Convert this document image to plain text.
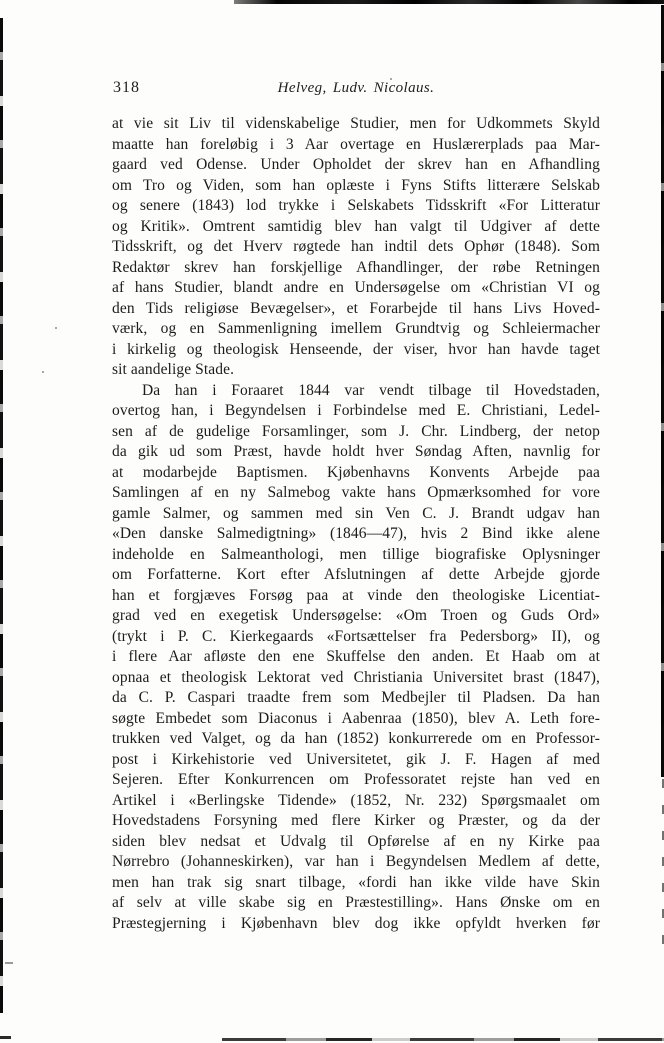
318	Helveg, Ludv. Nicolaus.
at vie sit Liv til videnskabelige Studier, men for Udkommets Skyld
maatte han foreløbig i 3 Aar overtage en Huslærerplads paa Mar-
gaard ved Odense. Under Opholdet der skrev han en Afhandling
om Tro og Viden, som han oplæste i Fyns Stifts litterære Selskab
og senere (1843) lod trykke i Selskabets Tidsskrift «For Litteratur
og Kritik». Omtrent samtidig blev han valgt til Udgiver af dette
Tidsskrift, og det Hverv røgtede han indtil dets Ophør (1848). Som
Redaktør skrev han forskjellige Afhandlinger, der røbe Retningen
af hans Studier, blandt andre en Undersøgelse om «Christian VI og
den Tids religiøse Bevægelser», et Forarbejde til hans Livs Hoved-
værk, og en Sammenligning imellem Grundtvig og Schleiermacher
i kirkelig og theologisk Henseende, der viser, hvor han havde taget
sit aandelige Stade.
Da han i Foraaret 1844 var vendt tilbage til Hovedstaden,
overtog han, i Begyndelsen i Forbindelse med E. Christiani, Ledel-
sen af de gudelige Forsamlinger, som J. Chr. Lindberg, der netop
da gik ud som Præst, havde holdt hver Søndag Aften, navnlig for
at modarbejde Baptismen. Kjøbenhavns Konvents Arbejde paa
Samlingen af en ny Salmebog vakte hans Opmærksomhed for vore
gamle Salmer, og sammen med sin Ven C. J. Brandt udgav han
«Den danske Salmedigtning» (1846—47), hvis 2 Bind ikke alene
indeholde en Salmeanthologi, men tillige biografiske Oplysninger
om Forfatterne. Kort efter Afslutningen af dette Arbejde gjorde
han et forgjæves Forsøg paa at vinde den theologiske Licentiat-
grad ved en exegetisk Undersøgelse: «Om Troen og Guds Ord»
(trykt i P. C. Kierkegaards «Fortsættelser fra Pedersborg» II), og
i flere Aar afløste den ene Skuffelse den anden. Et Haab om at
opnaa et theologisk Lektorat ved Christiania Universitet brast (1847),
da C. P. Caspari traadte frem som Medbejler til Pladsen. Da han
søgte Embedet som Diaconus i Aabenraa (1850), blev A. Leth fore-
trukken ved Valget, og da han (1852) konkurrerede om en Professor-
post i Kirkehistorie ved Universitetet, gik J. F. Hagen af med
Sejeren. Efter Konkurrencen om Professoratet rejste han ved en
Artikel i «Berlingske Tidende» (1852, Nr. 232) Spørgsmaalet om
Hovedstadens Forsyning med flere Kirker og Præster, og da der
siden blev nedsat et Udvalg til Opførelse af en ny Kirke paa
Nørrebro (Johanneskirken), var han i Begyndelsen Medlem af dette,
men han trak sig snart tilbage, «fordi han ikke vilde have Skin
af selv at ville skabe sig en Præstestilling». Hans Ønske om en
Præstegjerning i Kjøbenhavn blev dog ikke opfyldt hverken før
